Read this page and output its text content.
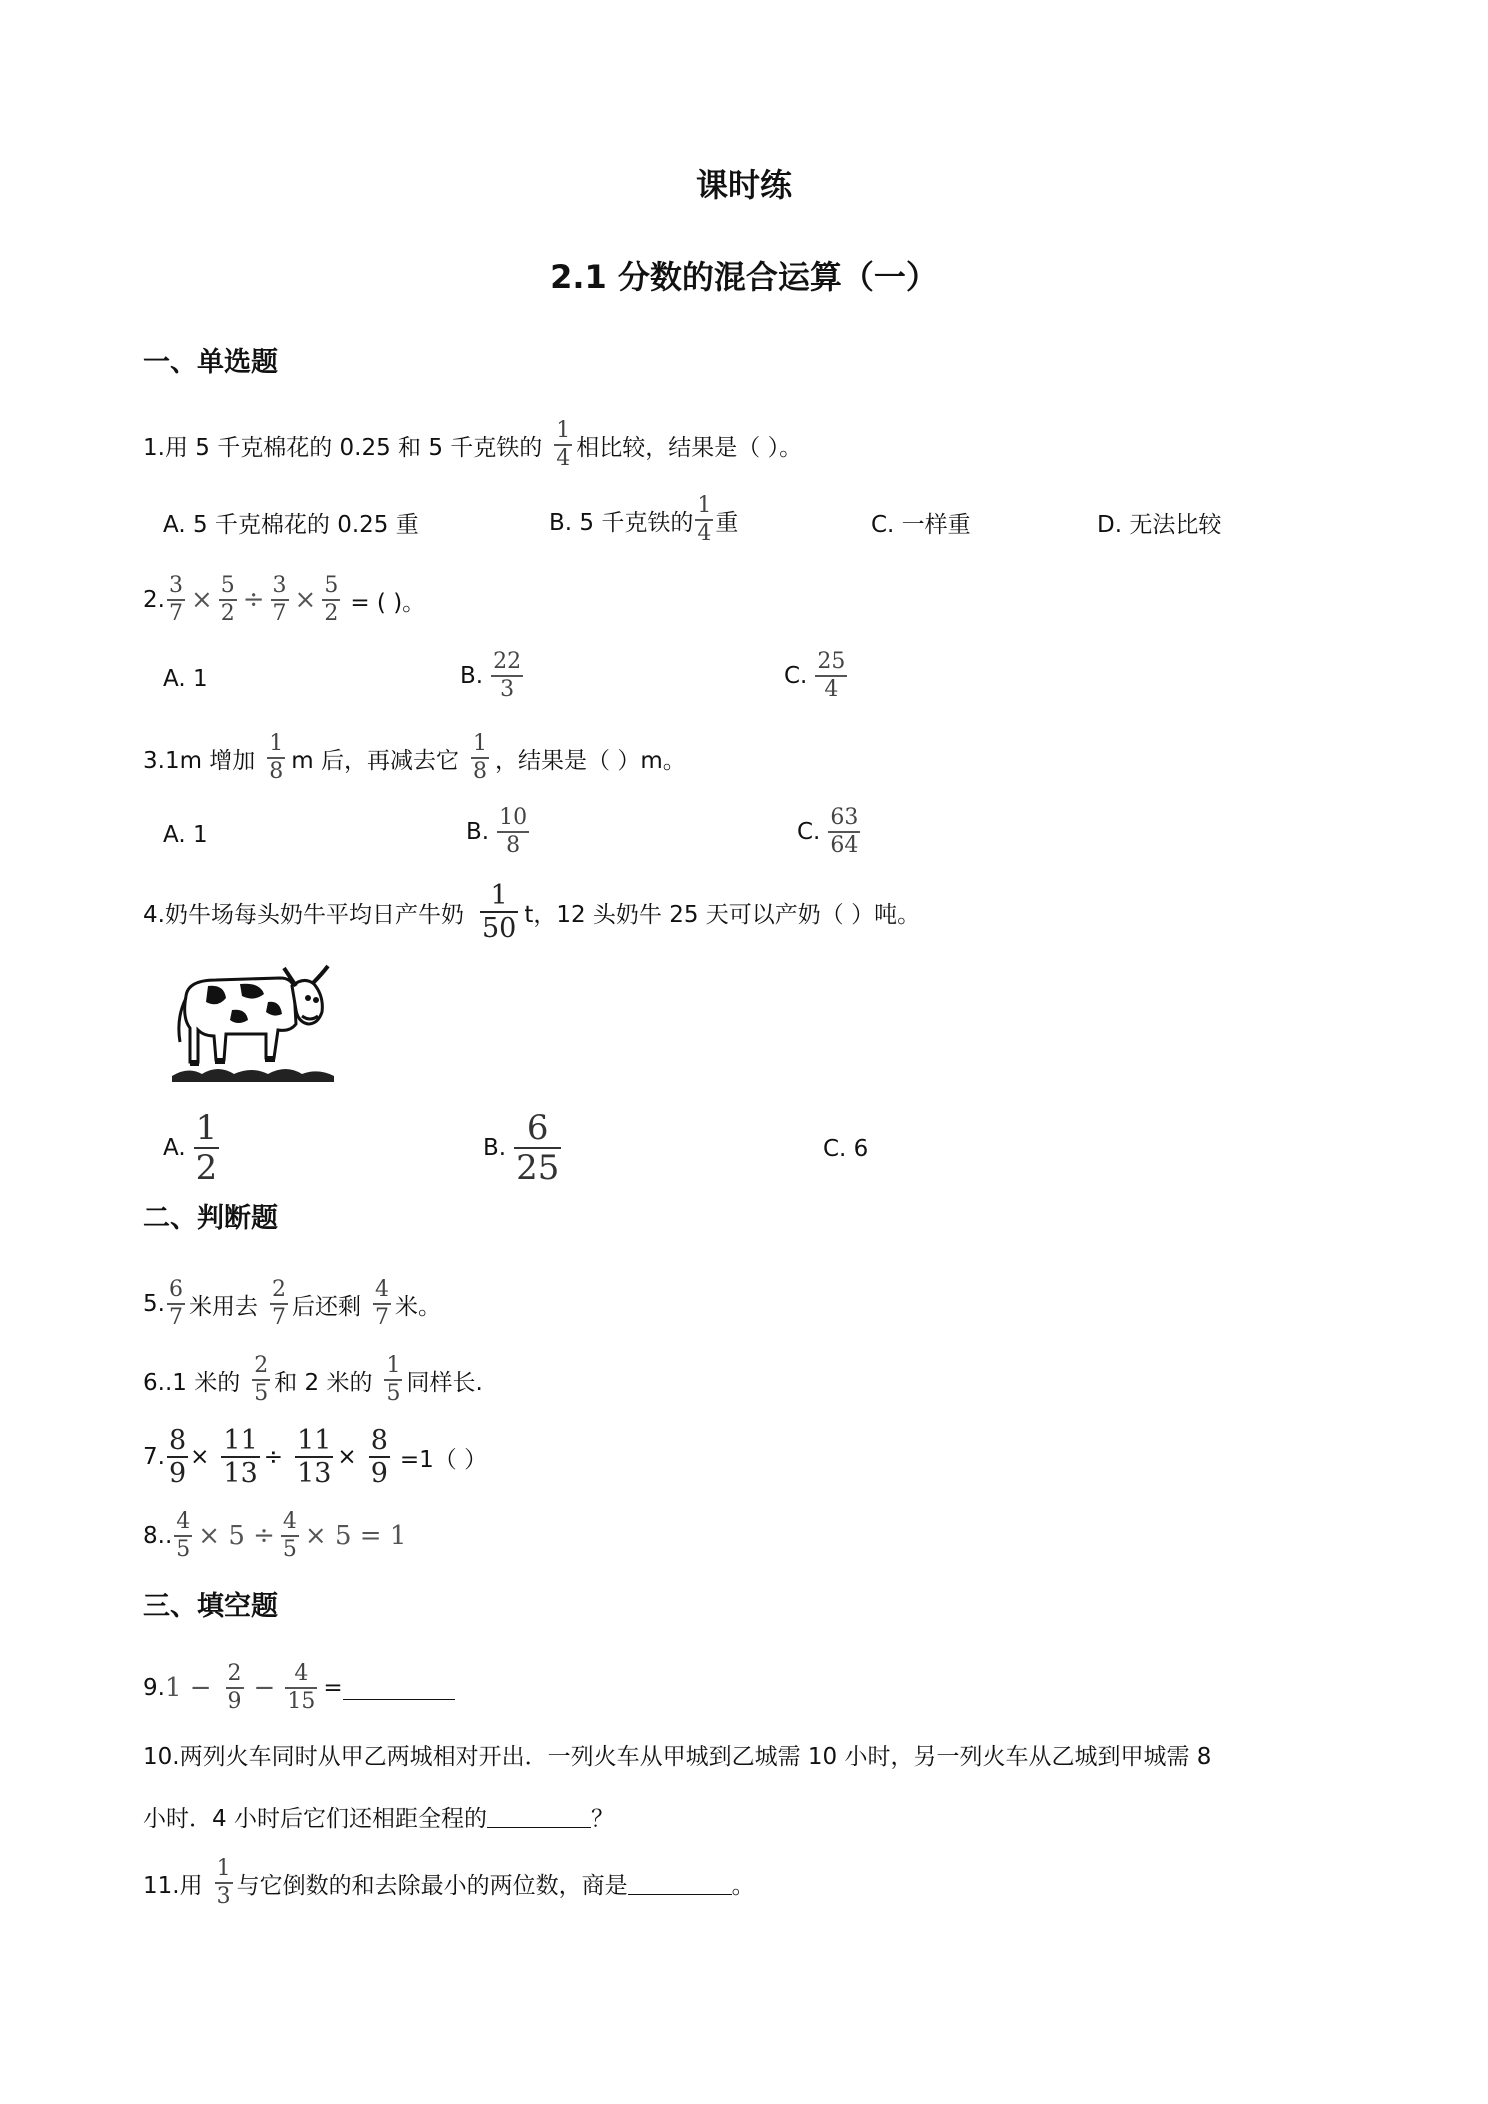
课时练
2.1 分数的混合运算（一）
一、单选题
1.用 5 千克棉花的 0.25 和 5 千克铁的 $\frac{1}{4}$ 相比较，结果是（ ）。
A. 5 千克棉花的 0.25 重	B. 5 千克铁的 $\frac{1}{4}$ 重	C. 一样重	D. 无法比较
2. $\frac{3}{7} \times \frac{5}{2} \div \frac{3}{7} \times \frac{5}{2}$ = ( )。
A. 1	B. $\frac{22}{3}$	C. $\frac{25}{4}$
3.1m 增加 $\frac{1}{8}$ m 后，再减去它 $\frac{1}{8}$ ，结果是（ ）m。
A. 1	B. $\frac{10}{8}$	C. $\frac{63}{64}$
4.奶牛场每头奶牛平均日产牛奶 $\frac{1}{50}$ t，12 头奶牛 25 天可以产奶（ ）吨。
A. $\frac{1}{2}$	B. $\frac{6}{25}$	C. 6
二、判断题
5. $\frac{6}{7}$ 米用去 $\frac{2}{7}$ 后还剩 $\frac{4}{7}$ 米。
6..1 米的 $\frac{2}{5}$ 和 2 米的 $\frac{1}{5}$ 同样长.
7. $\frac{8}{9} \times \frac{11}{13} \div \frac{11}{13} \times \frac{8}{9} =1$（ ）
8.. $\frac{4}{5} \times 5 \div \frac{4}{5} \times 5 = 1$
三、填空题
9. $1 - \frac{2}{9} - \frac{4}{15}$ =
10.两列火车同时从甲乙两城相对开出．一列火车从甲城到乙城需 10 小时，另一列火车从乙城到甲城需 8
小时．4 小时后它们还相距全程的	？
11.用 $\frac{1}{3}$ 与它倒数的和去除最小的两位数，商是	。
